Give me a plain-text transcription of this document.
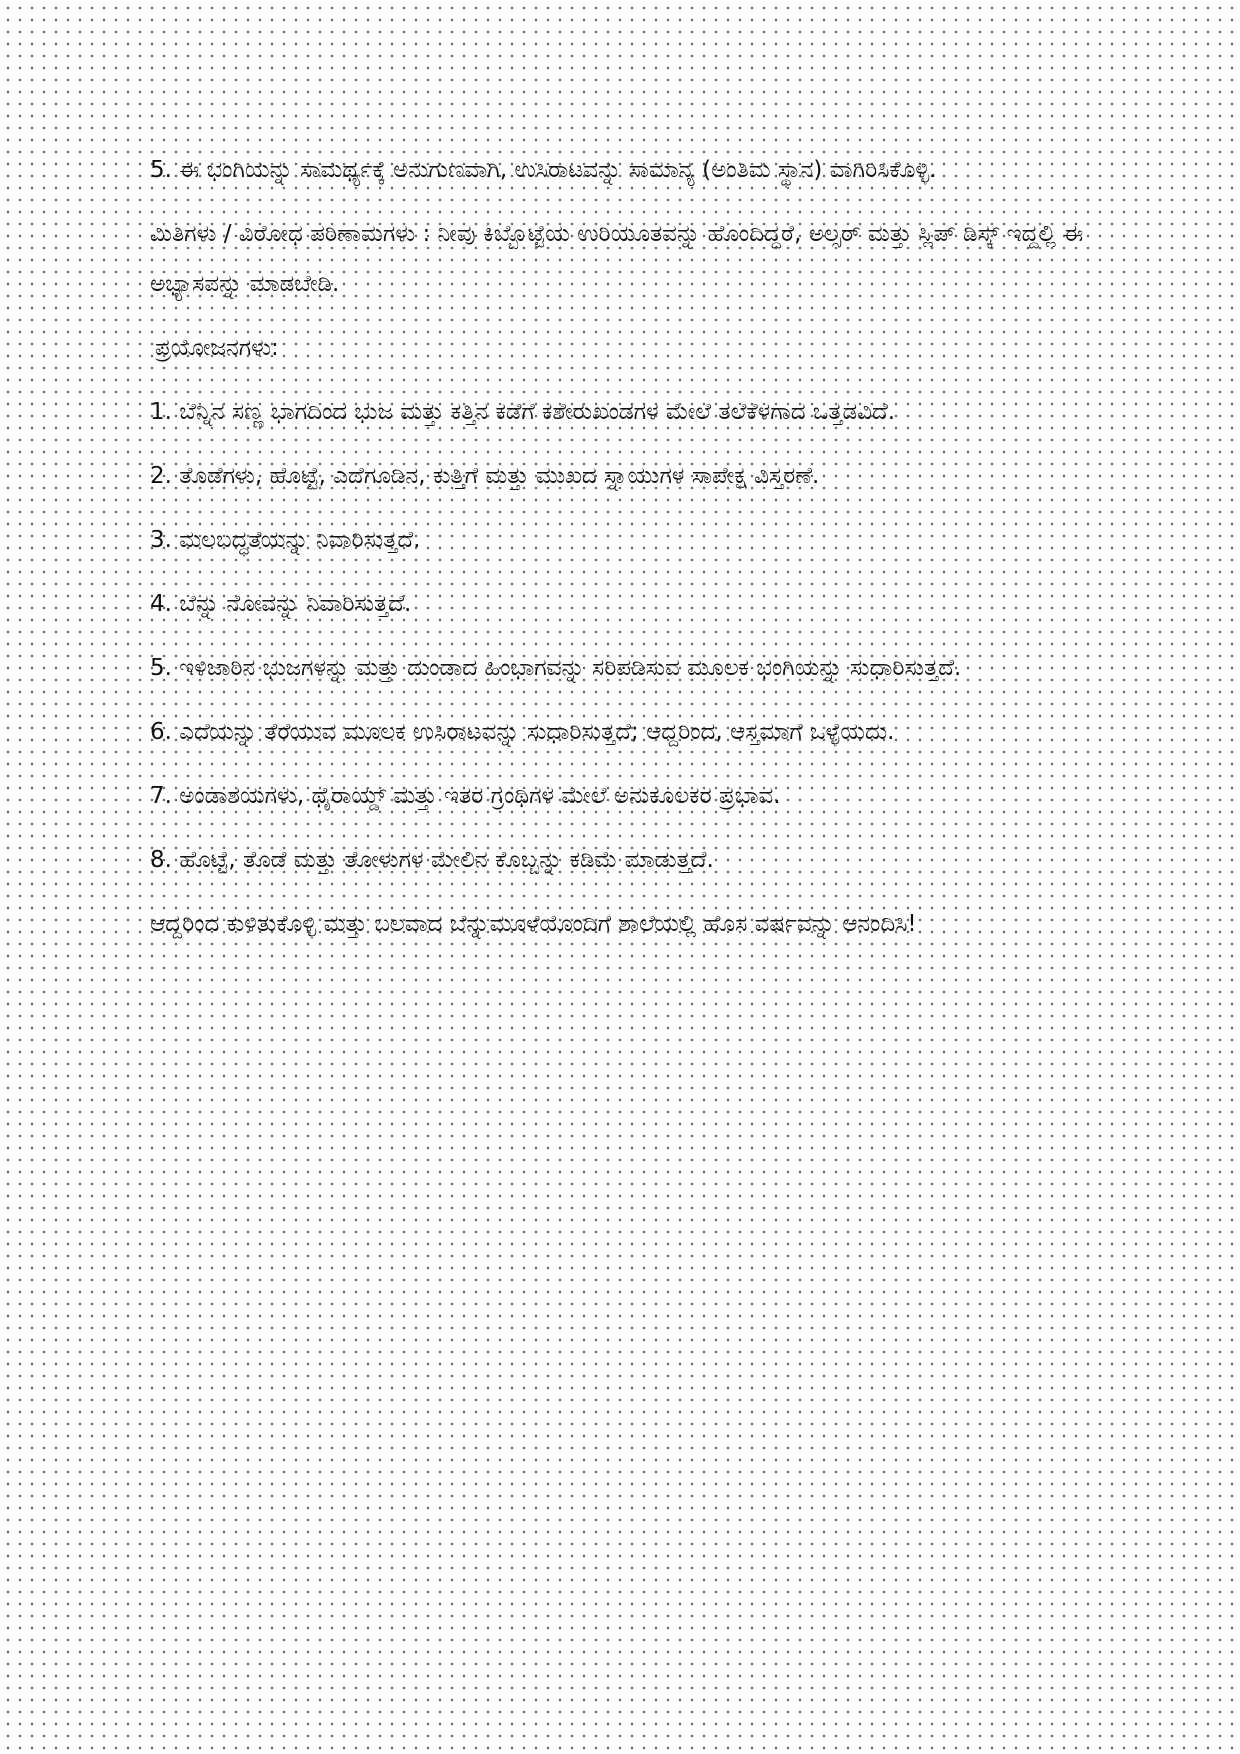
5. ಈ ಭಂಗಿಯನ್ನು ಸಾಮರ್ಥ್ಯಕ್ಕೆ ಅನುಗುಣವಾಗಿ, ಉಸಿರಾಟವನ್ನು ಸಾಮಾನ್ಯ (ಅಂತಿಮ ಸ್ಥಾನ) ವಾಗಿರಿಸಿಕೊಳ್ಳಿ.

ಮಿತಿಗಳು / ವಿರೋಧ ಪರಿಣಾಮಗಳು : ನೀವು ಕಿಬ್ಬೊಟ್ಟೆಯ ಉರಿಯೂತವನ್ನು ಹೊಂದಿದ್ದರೆ, ಅಲ್ಸರ್ ಮತ್ತು ಸ್ಲಿಪ್ ಡಿಸ್ಕ್ ಇದ್ದಲ್ಲಿ ಈ ಅಭ್ಯಾಸವನ್ನು ಮಾಡಬೇಡಿ.

ಪ್ರಯೋಜನಗಳು:

1. ಬೆನ್ನಿನ ಸಣ್ಣ ಭಾಗದಿಂದ ಭುಜ ಮತ್ತು ಕತ್ತಿನ ಕಡೆಗೆ ಕಶೇರುಖಂಡಗಳ ಮೇಲೆ ತಲೆಕೆಳಗಾದ ಒತ್ತಡವಿದೆ.

2. ತೊಡೆಗಳು, ಹೊಟ್ಟೆ, ಎದೆಗೂಡಿನ, ಕುತ್ತಿಗೆ ಮತ್ತು ಮುಖದ ಸ್ನಾಯುಗಳ ಸಾಪೇಕ್ಷ ವಿಸ್ತರಣೆ.

3. ಮಲಬದ್ಧತೆಯನ್ನು ನಿವಾರಿಸುತ್ತದೆ.

4. ಬೆನ್ನು ನೋವನ್ನು ನಿವಾರಿಸುತ್ತದೆ.

5. ಇಳಿಜಾರಿನ ಭುಜಗಳನ್ನು ಮತ್ತು ದುಂಡಾದ ಹಿಂಭಾಗವನ್ನು ಸರಿಪಡಿಸುವ ಮೂಲಕ ಭಂಗಿಯನ್ನು ಸುಧಾರಿಸುತ್ತದೆ.

6. ಎದೆಯನ್ನು ತೆರೆಯುವ ಮೂಲಕ ಉಸಿರಾಟವನ್ನು ಸುಧಾರಿಸುತ್ತದೆ; ಆದ್ದರಿಂದ, ಆಸ್ತಮಾಗೆ ಒಳ್ಳೆಯದು.

7. ಅಂಡಾಶಯಗಳು, ಥೈರಾಯ್ಡ್ ಮತ್ತು ಇತರ ಗ್ರಂಥಿಗಳ ಮೇಲೆ ಅನುಕೂಲಕರ ಪ್ರಭಾವ.

8. ಹೊಟ್ಟೆ, ತೊಡೆ ಮತ್ತು ತೋಳುಗಳ ಮೇಲಿನ ಕೊಬ್ಬನ್ನು ಕಡಿಮೆ ಮಾಡುತ್ತದೆ.

ಆದ್ದರಿಂದ ಕುಳಿತುಕೊಳ್ಳಿ ಮತ್ತು ಬಲವಾದ ಬೆನ್ನುಮೂಳೆಯೊಂದಿಗೆ ಶಾಲೆಯಲ್ಲಿ ಹೊಸ ವರ್ಷವನ್ನು ಆನಂದಿಸಿ!
